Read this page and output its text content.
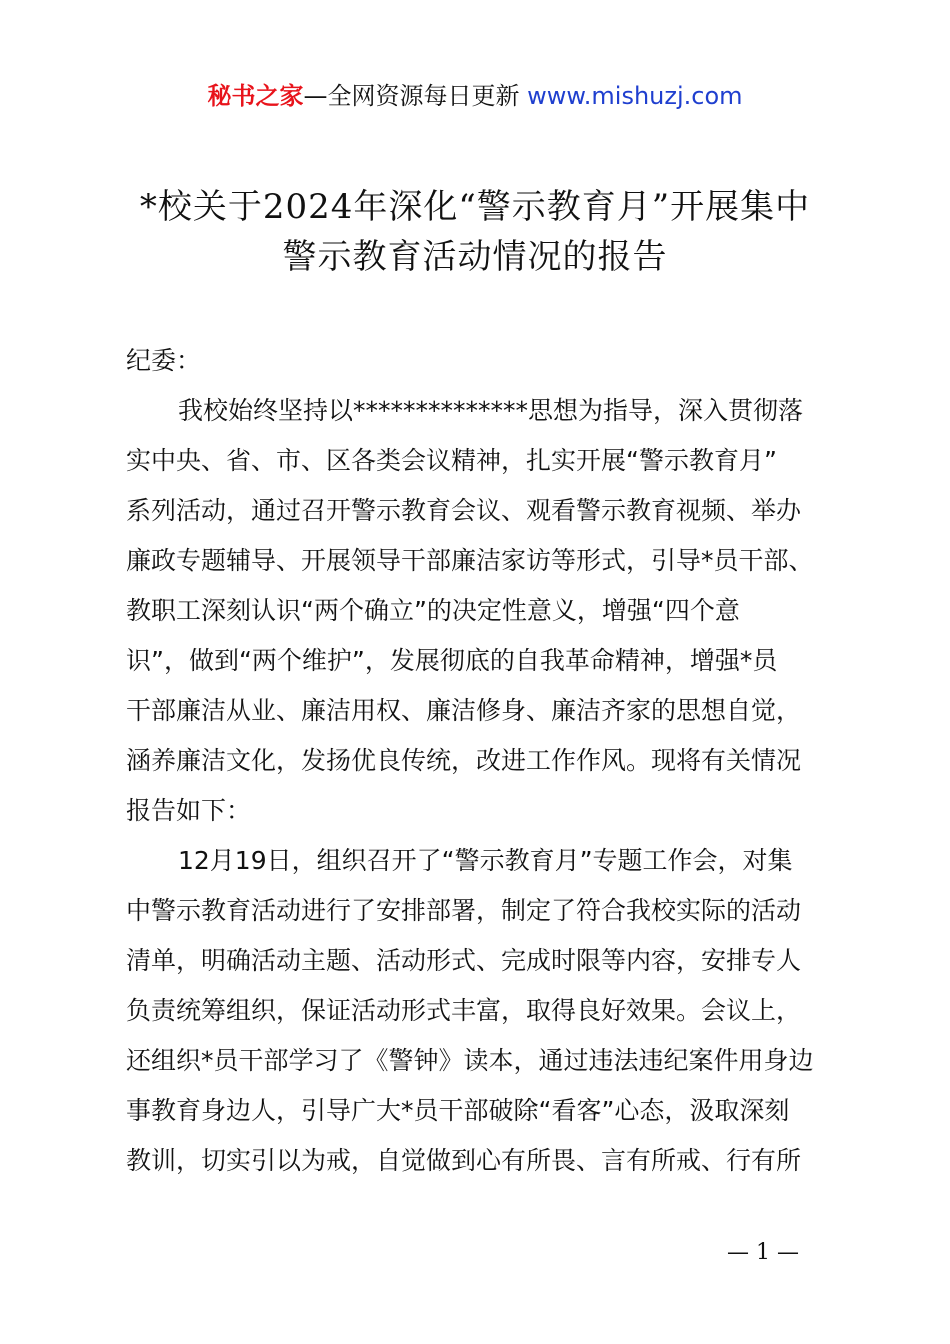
秘书之家—全网资源每日更新 www.mishuzj.com
*校关于2024年深化“警示教育月”开展集中
警示教育活动情况的报告
纪委：
我校始终坚持以**************思想为指导，深入贯彻落
实中央、省、市、区各类会议精神，扎实开展“警示教育月”
系列活动，通过召开警示教育会议、观看警示教育视频、举办
廉政专题辅导、开展领导干部廉洁家访等形式，引导*员干部、
教职工深刻认识“两个确立”的决定性意义，增强“四个意
识”，做到“两个维护”，发展彻底的自我革命精神，增强*员
干部廉洁从业、廉洁用权、廉洁修身、廉洁齐家的思想自觉，
涵养廉洁文化，发扬优良传统，改进工作作风。现将有关情况
报告如下：
12月19日，组织召开了“警示教育月”专题工作会，对集
中警示教育活动进行了安排部署，制定了符合我校实际的活动
清单，明确活动主题、活动形式、完成时限等内容，安排专人
负责统筹组织，保证活动形式丰富，取得良好效果。会议上，
还组织*员干部学习了《警钟》读本，通过违法违纪案件用身边
事教育身边人，引导广大*员干部破除“看客”心态，汲取深刻
教训，切实引以为戒，自觉做到心有所畏、言有所戒、行有所
— 1 —
